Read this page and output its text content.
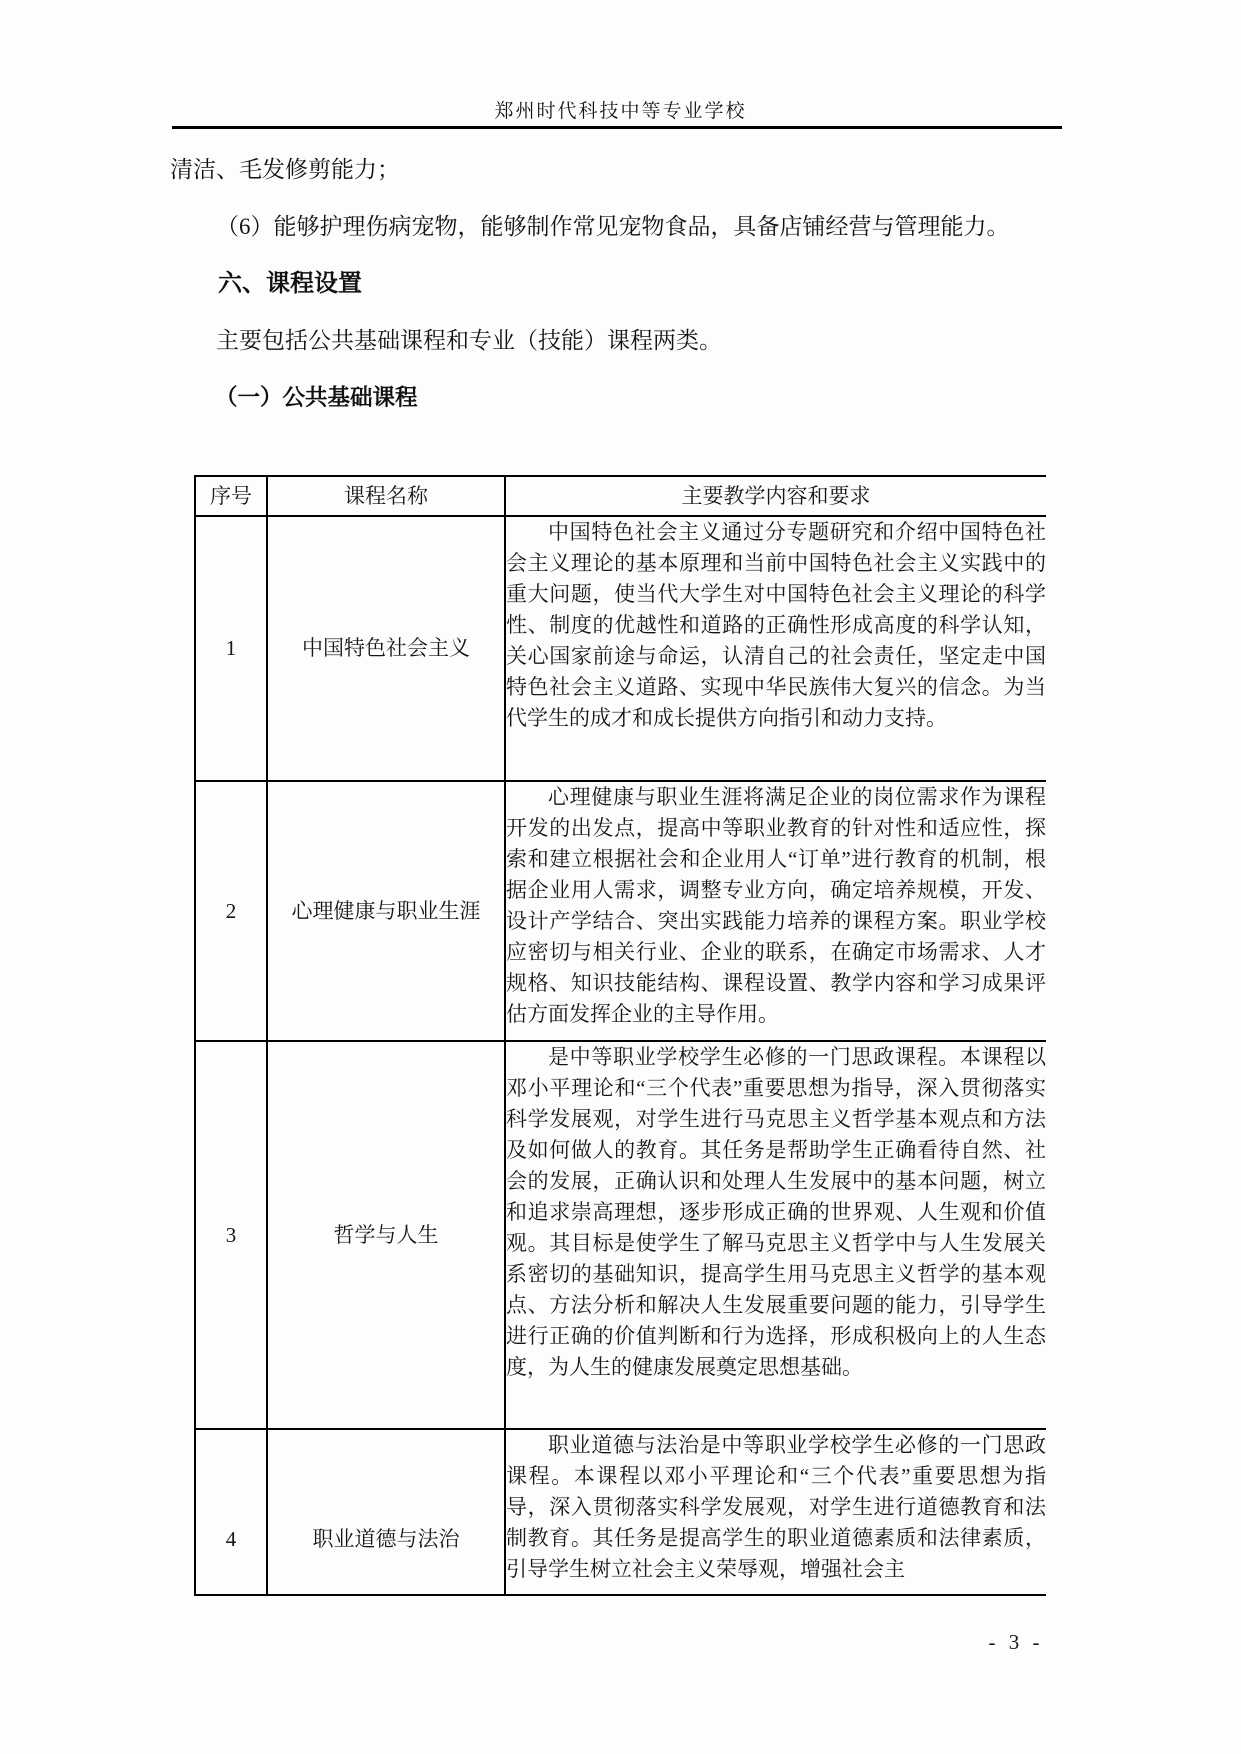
郑州时代科技中等专业学校

清洁、毛发修剪能力；

（6）能够护理伤病宠物，能够制作常见宠物食品，具备店铺经营与管理能力。

六、课程设置

主要包括公共基础课程和专业（技能）课程两类。

（一）公共基础课程

序号	课程名称	主要教学内容和要求
1	中国特色社会主义	中国特色社会主义通过分专题研究和介绍中国特色社会主义理论的基本原理和当前中国特色社会主义实践中的重大问题，使当代大学生对中国特色社会主义理论的科学性、制度的优越性和道路的正确性形成高度的科学认知，关心国家前途与命运，认清自己的社会责任，坚定走中国特色社会主义道路、实现中华民族伟大复兴的信念。为当代学生的成才和成长提供方向指引和动力支持。
2	心理健康与职业生涯	心理健康与职业生涯将满足企业的岗位需求作为课程开发的出发点，提高中等职业教育的针对性和适应性，探索和建立根据社会和企业用人“订单”进行教育的机制，根据企业用人需求，调整专业方向，确定培养规模，开发、设计产学结合、突出实践能力培养的课程方案。职业学校应密切与相关行业、企业的联系，在确定市场需求、人才规格、知识技能结构、课程设置、教学内容和学习成果评估方面发挥企业的主导作用。
3	哲学与人生	是中等职业学校学生必修的一门思政课程。本课程以邓小平理论和“三个代表”重要思想为指导，深入贯彻落实科学发展观，对学生进行马克思主义哲学基本观点和方法及如何做人的教育。其任务是帮助学生正确看待自然、社会的发展，正确认识和处理人生发展中的基本问题，树立和追求崇高理想，逐步形成正确的世界观、人生观和价值观。其目标是使学生了解马克思主义哲学中与人生发展关系密切的基础知识，提高学生用马克思主义哲学的基本观点、方法分析和解决人生发展重要问题的能力，引导学生进行正确的价值判断和行为选择，形成积极向上的人生态度，为人生的健康发展奠定思想基础。
4	职业道德与法治	职业道德与法治是中等职业学校学生必修的一门思政课程。本课程以邓小平理论和“三个代表”重要思想为指导，深入贯彻落实科学发展观，对学生进行道德教育和法制教育。其任务是提高学生的职业道德素质和法律素质，引导学生树立社会主义荣辱观，增强社会主
- 3 -
